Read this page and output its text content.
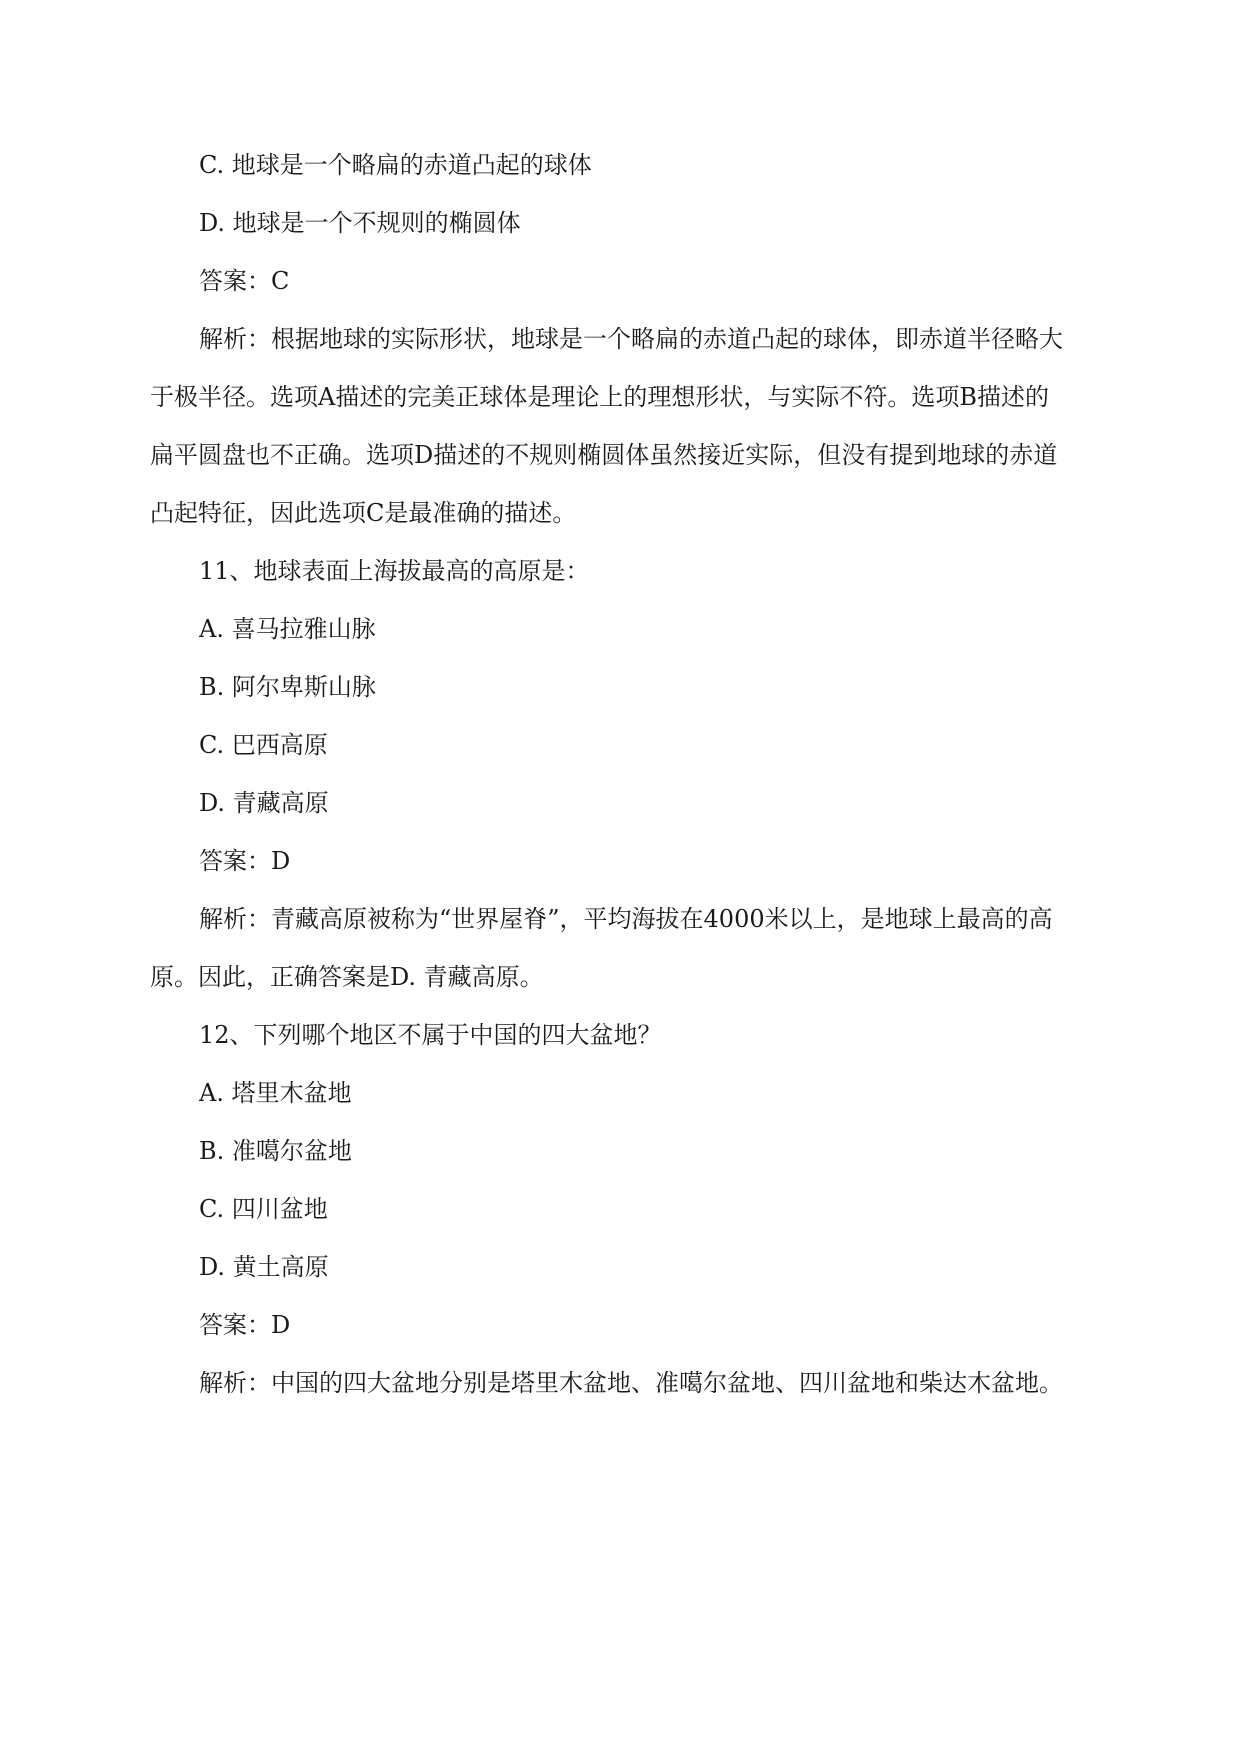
C. 地球是一个略扁的赤道凸起的球体
D. 地球是一个不规则的椭圆体
答案：C
解析：根据地球的实际形状，地球是一个略扁的赤道凸起的球体，即赤道半径略大
于极半径。选项A描述的完美正球体是理论上的理想形状，与实际不符。选项B描述的
扁平圆盘也不正确。选项D描述的不规则椭圆体虽然接近实际，但没有提到地球的赤道
凸起特征，因此选项C是最准确的描述。
11、地球表面上海拔最高的高原是：
A. 喜马拉雅山脉
B. 阿尔卑斯山脉
C. 巴西高原
D. 青藏高原
答案：D
解析：青藏高原被称为“世界屋脊”，平均海拔在4000米以上，是地球上最高的高
原。因此，正确答案是D. 青藏高原。
12、下列哪个地区不属于中国的四大盆地？
A. 塔里木盆地
B. 准噶尔盆地
C. 四川盆地
D. 黄土高原
答案：D
解析：中国的四大盆地分别是塔里木盆地、准噶尔盆地、四川盆地和柴达木盆地。
